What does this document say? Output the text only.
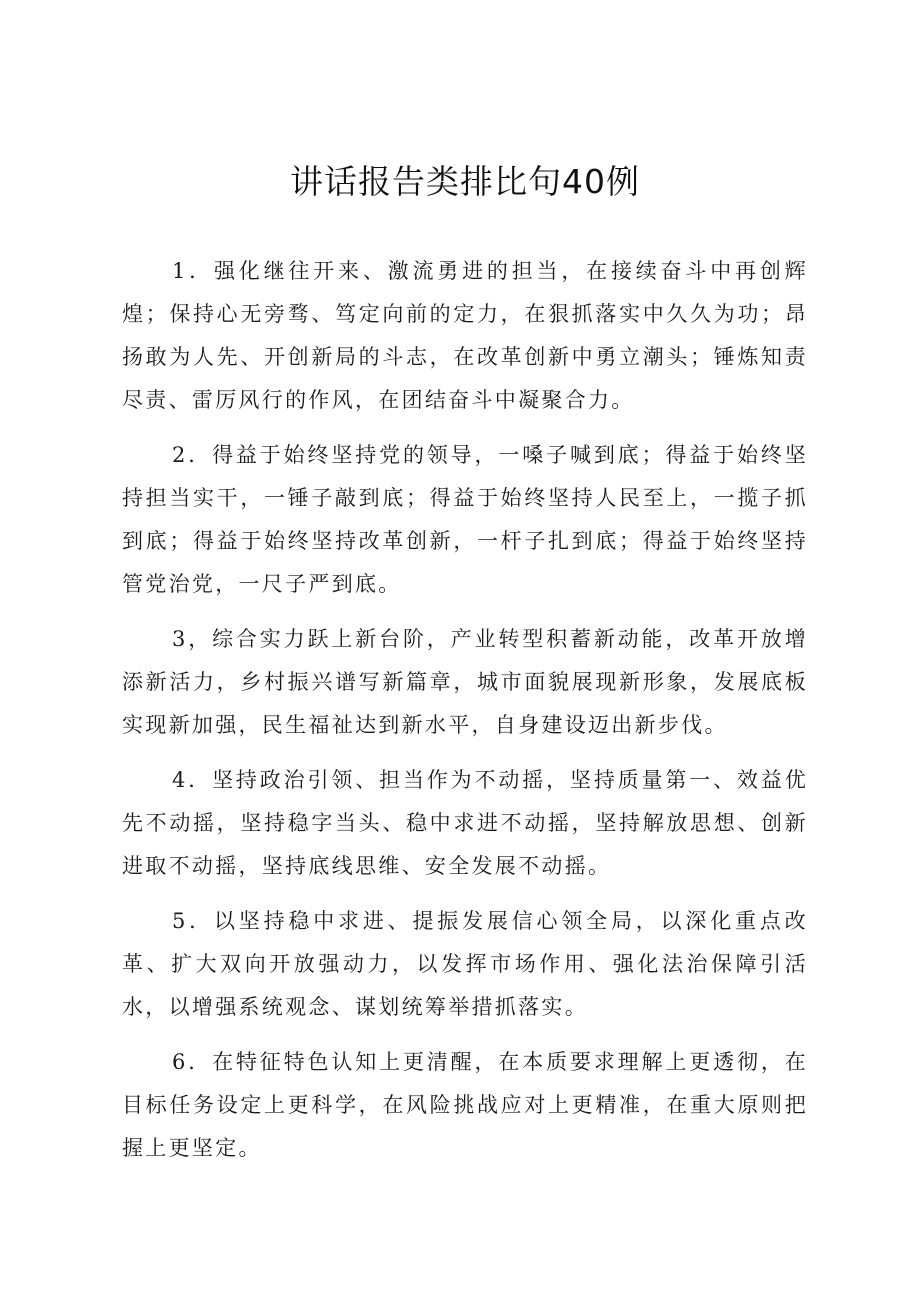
讲话报告类排比句40例

1．强化继往开来、激流勇进的担当，在接续奋斗中再创辉煌；保持心无旁骛、笃定向前的定力，在狠抓落实中久久为功；昂扬敢为人先、开创新局的斗志，在改革创新中勇立潮头；锤炼知责尽责、雷厉风行的作风，在团结奋斗中凝聚合力。

2．得益于始终坚持党的领导，一嗓子喊到底；得益于始终坚持担当实干，一锤子敲到底；得益于始终坚持人民至上，一揽子抓到底；得益于始终坚持改革创新，一杆子扎到底；得益于始终坚持管党治党，一尺子严到底。

3，综合实力跃上新台阶，产业转型积蓄新动能，改革开放增添新活力，乡村振兴谱写新篇章，城市面貌展现新形象，发展底板实现新加强，民生福祉达到新水平，自身建设迈出新步伐。

4．坚持政治引领、担当作为不动摇，坚持质量第一、效益优先不动摇，坚持稳字当头、稳中求进不动摇，坚持解放思想、创新进取不动摇，坚持底线思维、安全发展不动摇。

5．以坚持稳中求进、提振发展信心领全局，以深化重点改革、扩大双向开放强动力，以发挥市场作用、强化法治保障引活水，以增强系统观念、谋划统筹举措抓落实。

6．在特征特色认知上更清醒，在本质要求理解上更透彻，在目标任务设定上更科学，在风险挑战应对上更精准，在重大原则把握上更坚定。
